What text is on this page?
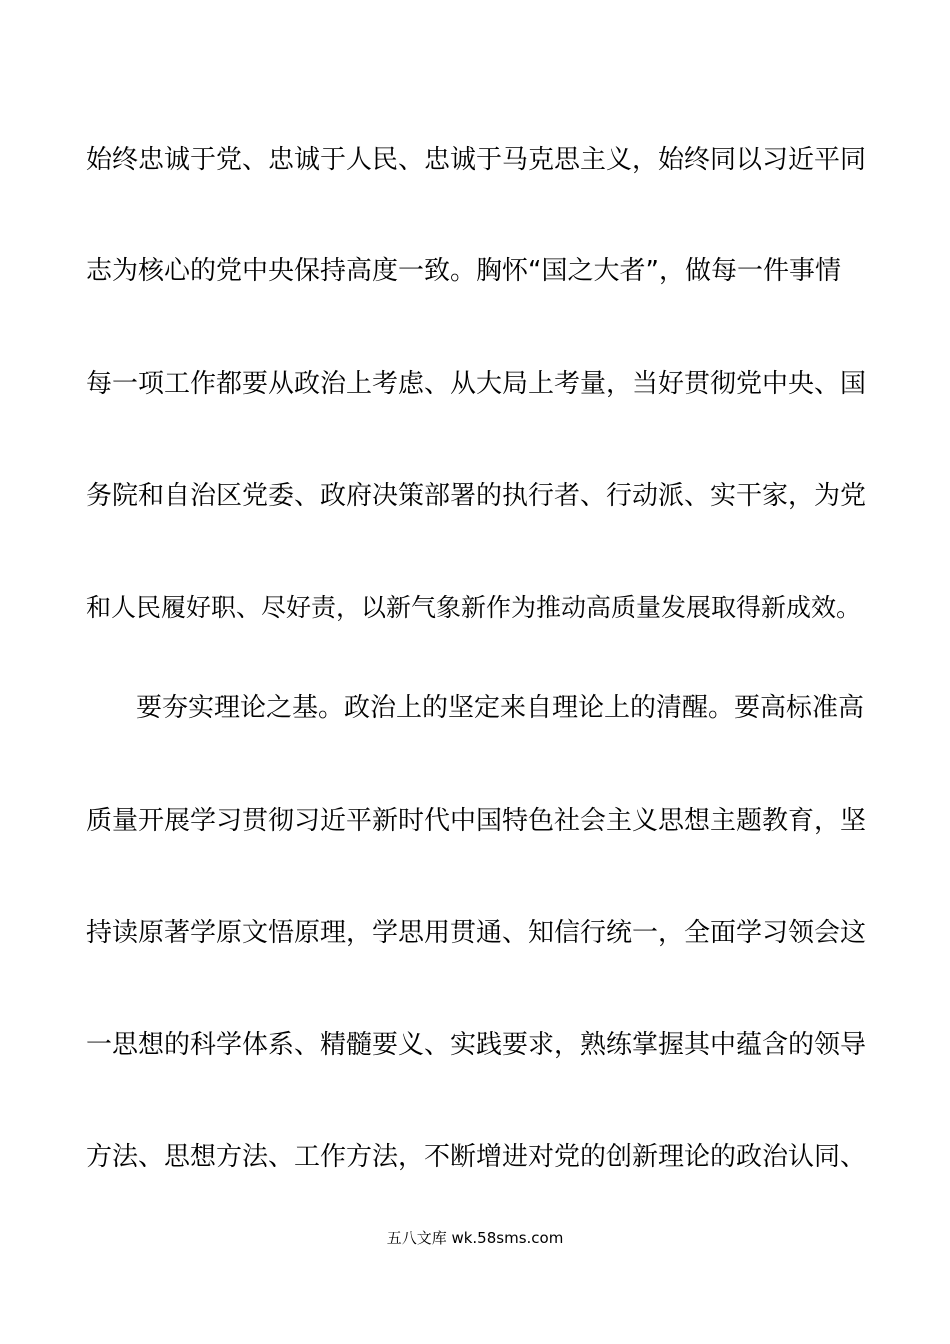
始终忠诚于党、忠诚于人民、忠诚于马克思主义，始终同以习近平同
志为核心的党中央保持高度一致。胸怀“国之大者”，做每一件事情
每一项工作都要从政治上考虑、从大局上考量，当好贯彻党中央、国
务院和自治区党委、政府决策部署的执行者、行动派、实干家，为党
和人民履好职、尽好责，以新气象新作为推动高质量发展取得新成效。
要夯实理论之基。政治上的坚定来自理论上的清醒。要高标准高
质量开展学习贯彻习近平新时代中国特色社会主义思想主题教育，坚
持读原著学原文悟原理，学思用贯通、知信行统一，全面学习领会这
一思想的科学体系、精髓要义、实践要求，熟练掌握其中蕴含的领导
方法、思想方法、工作方法，不断增进对党的创新理论的政治认同、
五八文库 wk.58sms.com
